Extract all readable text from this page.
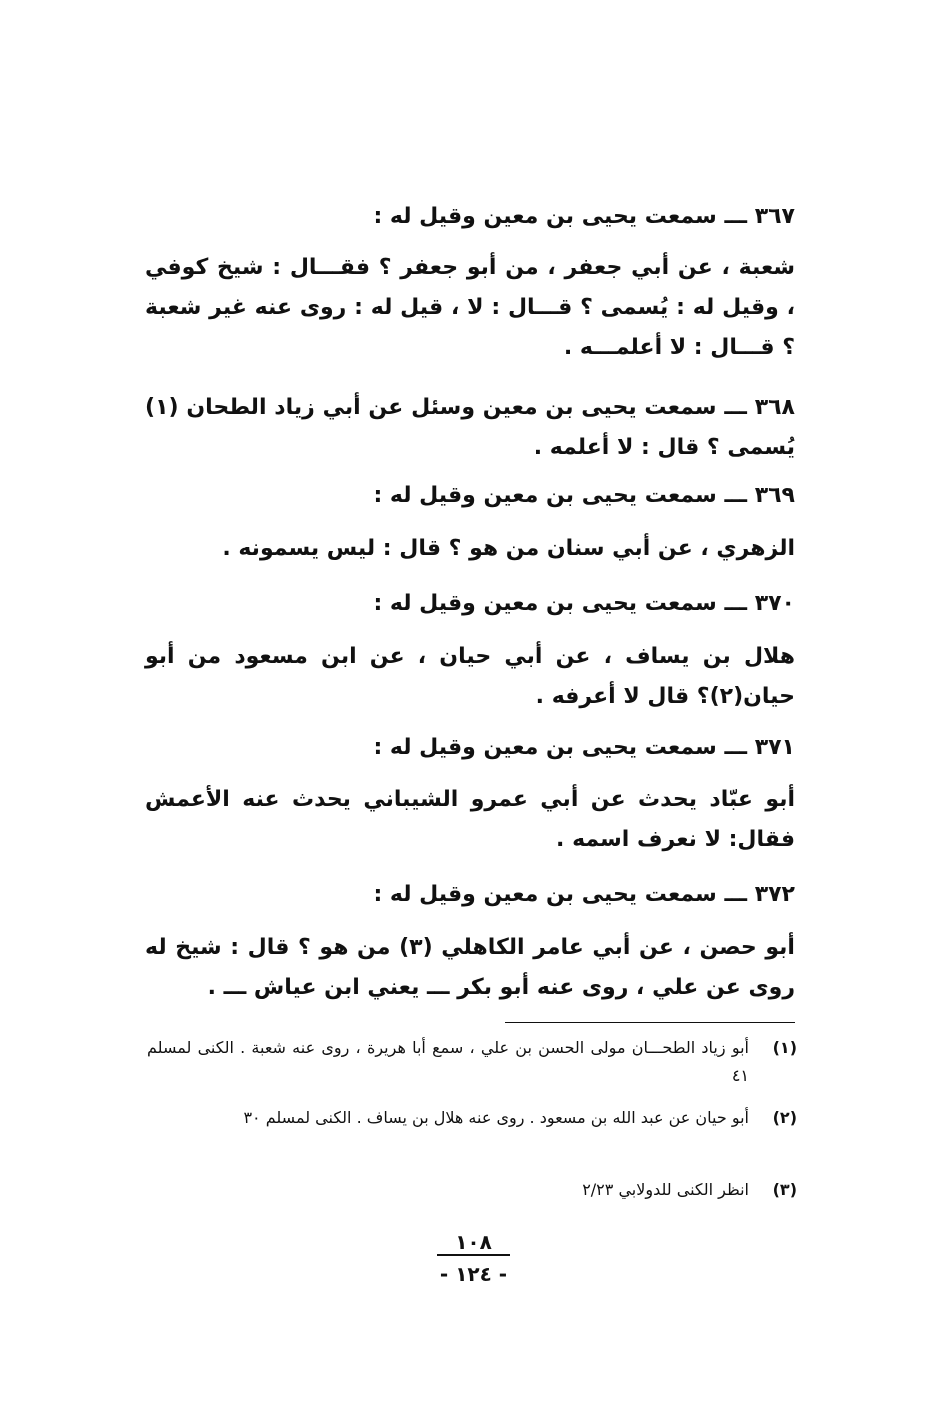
٣٦٧ ـــ سمعت يحيى بن معين وقيل له :
شعبة ، عن أبي جعفر ، من أبو جعفر ؟ فقـــال : شيخ كوفي ، وقيل له : يُسمى ؟ قـــال : لا ، قيل له : روى عنه غير شعبة ؟ قـــال : لا أعلمـــه .
٣٦٨ ـــ سمعت يحيى بن معين وسئل عن أبي زياد الطحان (١) يُسمى ؟ قال : لا أعلمه .
٣٦٩ ـــ سمعت يحيى بن معين وقيل له :
الزهري ، عن أبي سنان من هو ؟ قال : ليس يسمونه .
٣٧٠ ـــ سمعت يحيى بن معين وقيل له :
هلال بن يساف ، عن أبي حيان ، عن ابن مسعود من أبو حيان(٢)؟ قال لا أعرفه .
٣٧١ ـــ سمعت يحيى بن معين وقيل له :
أبو عبّاد يحدث عن أبي عمرو الشيباني يحدث عنه الأعمش فقال: لا نعرف اسمه .
٣٧٢ ـــ سمعت يحيى بن معين وقيل له :
أبو حصن ، عن أبي عامر الكاهلي (٣) من هو ؟ قال : شيخ له روى عن علي ، روى عنه أبو بكر ـــ يعني ابن عياش ـــ .
(١)
أبو زياد الطحـــان مولى الحسن بن علي ، سمع أبا هريرة ، روى عنه شعبة . الكنى لمسلم ٤١
(٢)
أبو حيان عن عبد الله بن مسعود . روى عنه هلال بن يساف . الكنى لمسلم ٣٠
(٣)
انظر الكنى للدولابي ٢/٢٣
١٠٨
- ١٢٤ -
